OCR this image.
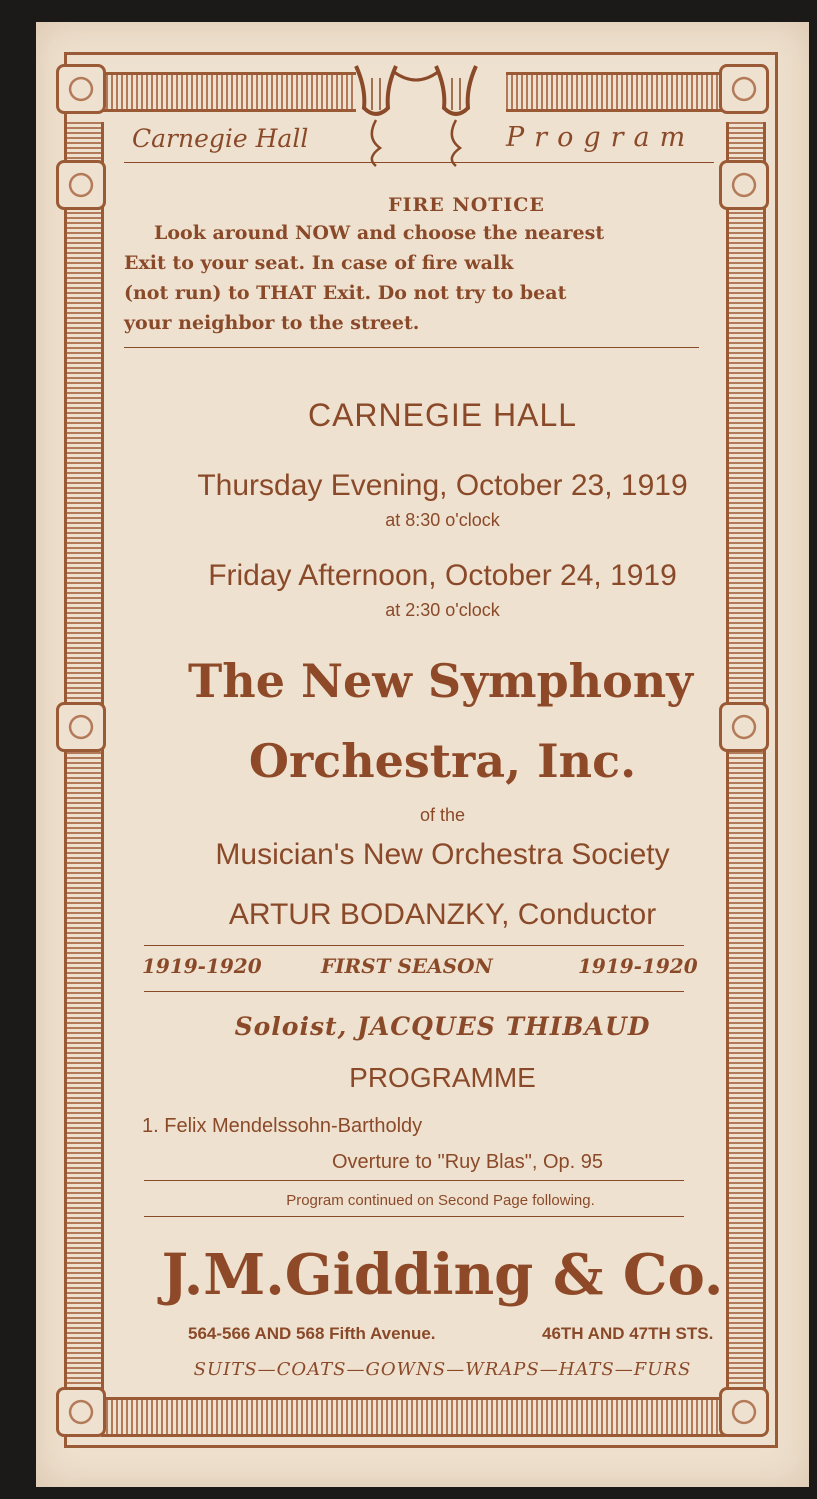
Carnegie Hall	Program
FIRE NOTICE
Look around NOW and choose the nearest
Exit to your seat. In case of fire walk
(not run) to THAT Exit. Do not try to beat
your neighbor to the street.
CARNEGIE HALL
Thursday Evening, October 23, 1919
at 8:30 o'clock
Friday Afternoon, October 24, 1919
at 2:30 o'clock
The New Symphony
Orchestra, Inc.
of the
Musician's New Orchestra Society
ARTUR BODANZKY, Conductor
1919-1920	FIRST SEASON	1919-1920
Soloist, JACQUES THIBAUD
PROGRAMME
1. Felix Mendelssohn-Bartholdy
Overture to "Ruy Blas", Op. 95
Program continued on Second Page following.
J.M.Gidding & Co.
564-566 AND 568 Fifth Avenue.	46TH AND 47TH STS.
SUITS—COATS—GOWNS—WRAPS—HATS—FURS
